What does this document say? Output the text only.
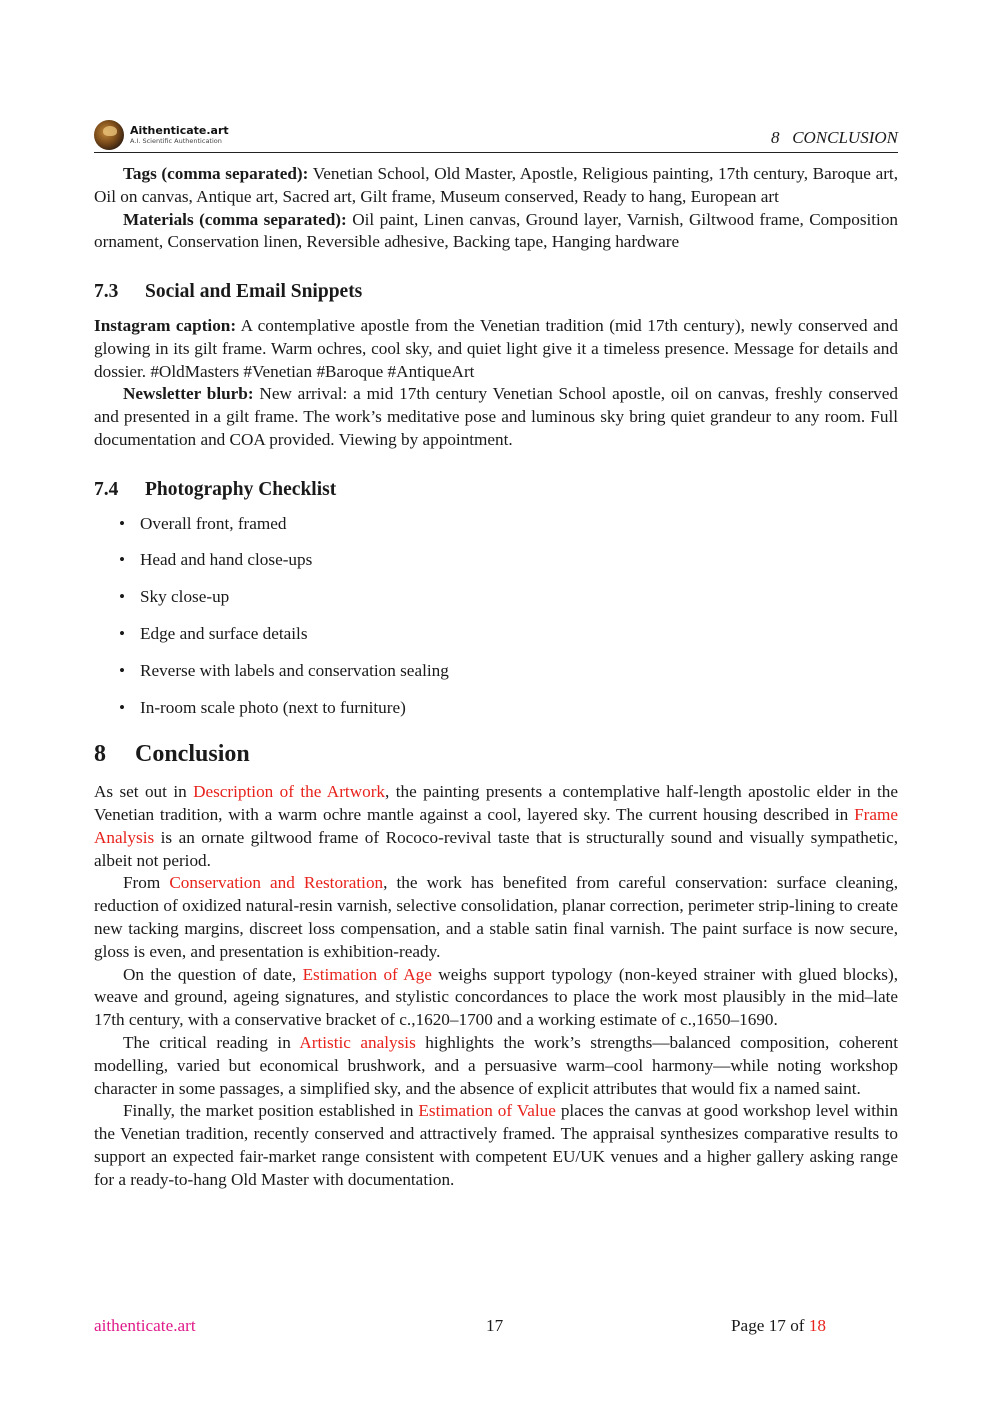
Aithenticate.art
A.I. Scientific Authentication	8   CONCLUSION

Tags (comma separated): Venetian School, Old Master, Apostle, Religious painting, 17th century, Baroque art, Oil on canvas, Antique art, Sacred art, Gilt frame, Museum conserved, Ready to hang, European art

Materials (comma separated): Oil paint, Linen canvas, Ground layer, Varnish, Giltwood frame, Composition ornament, Conservation linen, Reversible adhesive, Backing tape, Hanging hardware

7.3 Social and Email Snippets

Instagram caption: A contemplative apostle from the Venetian tradition (mid 17th century), newly conserved and glowing in its gilt frame. Warm ochres, cool sky, and quiet light give it a timeless presence. Message for details and dossier. #OldMasters #Venetian #Baroque #AntiqueArt

Newsletter blurb: New arrival: a mid 17th century Venetian School apostle, oil on canvas, freshly conserved and presented in a gilt frame. The work’s meditative pose and luminous sky bring quiet grandeur to any room. Full documentation and COA provided. Viewing by appointment.

7.4 Photography Checklist
• Overall front, framed
• Head and hand close-ups
• Sky close-up
• Edge and surface details
• Reverse with labels and conservation sealing
• In-room scale photo (next to furniture)
8 Conclusion

As set out in Description of the Artwork, the painting presents a contemplative half-length apostolic elder in the Venetian tradition, with a warm ochre mantle against a cool, layered sky. The current housing described in Frame Analysis is an ornate giltwood frame of Rococo-revival taste that is structurally sound and visually sympathetic, albeit not period.

From Conservation and Restoration, the work has benefited from careful conservation: surface cleaning, reduction of oxidized natural-resin varnish, selective consolidation, planar correction, perimeter strip-lining to create new tacking margins, discreet loss compensation, and a stable satin final varnish. The paint surface is now secure, gloss is even, and presentation is exhibition-ready.

On the question of date, Estimation of Age weighs support typology (non-keyed strainer with glued blocks), weave and ground, ageing signatures, and stylistic concordances to place the work most plausibly in the mid–late 17th century, with a conservative bracket of c.,1620–1700 and a working estimate of c.,1650–1690.

The critical reading in Artistic analysis highlights the work’s strengths—balanced composition, coherent modelling, varied but economical brushwork, and a persuasive warm–cool harmony—while noting workshop character in some passages, a simplified sky, and the absence of explicit attributes that would fix a named saint.

Finally, the market position established in Estimation of Value places the canvas at good workshop level within the Venetian tradition, recently conserved and attractively framed. The appraisal synthesizes comparative results to support an expected fair-market range consistent with competent EU/UK venues and a higher gallery asking range for a ready-to-hang Old Master with documentation.

aithenticate.art	17	Page 17 of 18
